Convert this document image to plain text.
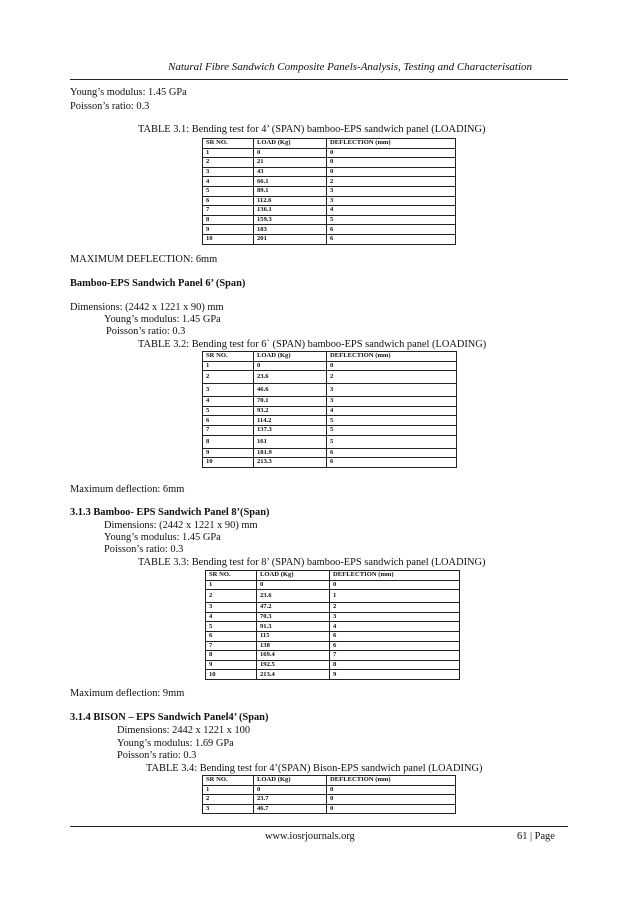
Natural Fibre Sandwich Composite Panels-Analysis, Testing and Characterisation
Young’s modulus: 1.45 GPa
Poisson’s ratio: 0.3
TABLE 3.1: Bending test for 4’ (SPAN) bamboo-EPS sandwich panel (LOADING)
SR NO.	LOAD (Kg)	DEFLECTION (mm)
1	0	0
2	21	0
3	43	0
4	66.1	2
5	89.1	3
6	112.6	3
7	136.1	4
8	159.3	5
9	183	6
10	201	6
MAXIMUM DEFLECTION: 6mm
Bamboo-EPS Sandwich Panel 6’ (Span)
Dimensions: (2442 x 1221 x 90) mm
Young’s modulus: 1.45 GPa
Poisson’s ratio: 0.3
TABLE 3.2: Bending test for 6` (SPAN) bamboo-EPS sandwich panel (LOADING)
SR NO.	LOAD (Kg)	DEFLECTION (mm)
1	0	0
2	23.6	2
3	46.6	3
4	70.1	3
5	93.2	4
6	114.2	5
7	137.3	5
8	161	5
9	181.9	6
10	213.3	6
Maximum deflection: 6mm
3.1.3 Bamboo- EPS Sandwich Panel 8’(Span)
Dimensions: (2442 x 1221 x 90) mm
Young’s modulus: 1.45 GPa
Poisson’s ratio: 0.3
TABLE 3.3: Bending test for 8’ (SPAN) bamboo-EPS sandwich panel (LOADING)
SR NO.	LOAD (Kg)	DEFLECTION (mm)
1	0	0
2	23.6	1
3	47.2	2
4	70.3	3
5	91.3	4
6	115	6
7	138	6
8	169.4	7
9	192.5	8
10	213.4	9
Maximum deflection: 9mm
3.1.4 BISON – EPS Sandwich Panel4’ (Span)
Dimensions: 2442 x 1221 x 100
Young’s modulus: 1.69 GPa
Poisson’s ratio: 0.3
TABLE 3.4: Bending test for 4’(SPAN) Bison-EPS sandwich panel (LOADING)
SR NO.	LOAD (Kg)	DEFLECTION (mm)
1	0	0
2	23.7	0
3	46.7	0
www.iosrjournals.org	61 | Page
